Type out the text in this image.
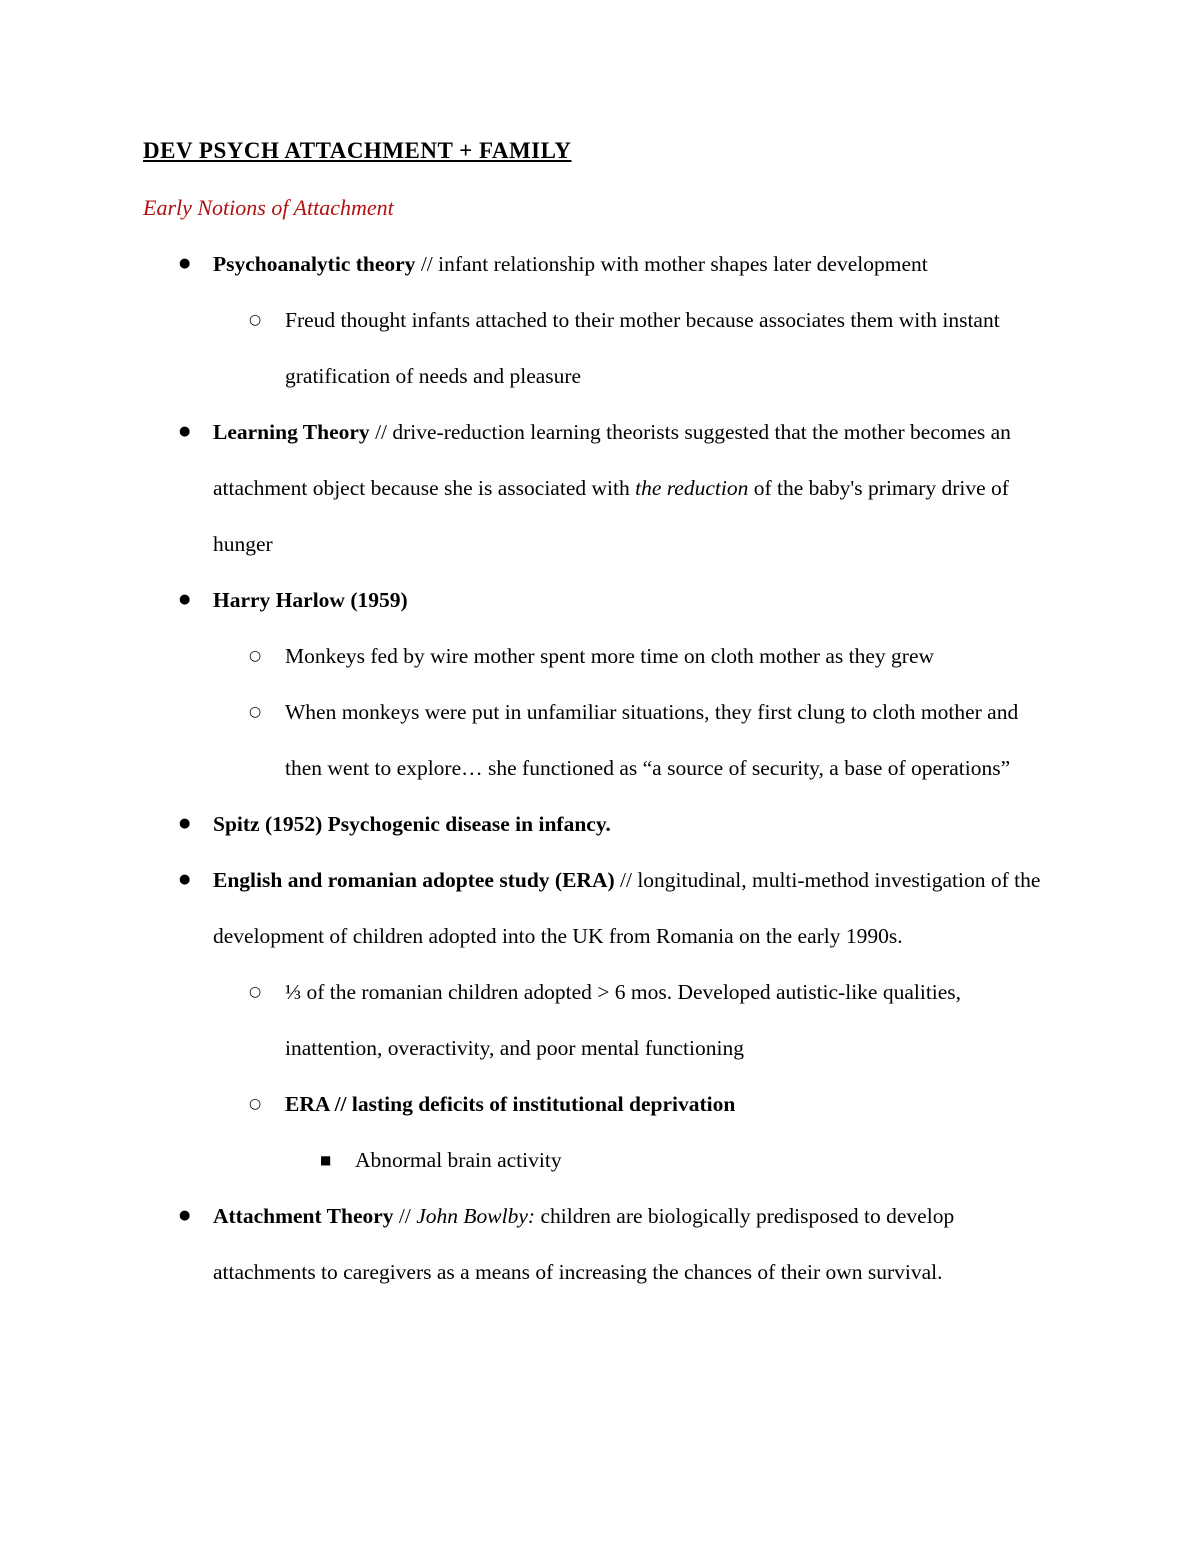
DEV PSYCH ATTACHMENT + FAMILY
Early Notions of Attachment
● Psychoanalytic theory // infant relationship with mother shapes later development
○ Freud thought infants attached to their mother because associates them with instant gratification of needs and pleasure
● Learning Theory // drive-reduction learning theorists suggested that the mother becomes an attachment object because she is associated with the reduction of the baby's primary drive of hunger
● Harry Harlow (1959)
○ Monkeys fed by wire mother spent more time on cloth mother as they grew
○ When monkeys were put in unfamiliar situations, they first clung to cloth mother and then went to explore… she functioned as “a source of security, a base of operations”
● Spitz (1952) Psychogenic disease in infancy.
● English and romanian adoptee study (ERA) // longitudinal, multi-method investigation of the development of children adopted into the UK from Romania on the early 1990s.
○ ⅓ of the romanian children adopted > 6 mos. Developed autistic-like qualities, inattention, overactivity, and poor mental functioning
○ ERA // lasting deficits of institutional deprivation
■ Abnormal brain activity
● Attachment Theory // John Bowlby: children are biologically predisposed to develop attachments to caregivers as a means of increasing the chances of their own survival.
